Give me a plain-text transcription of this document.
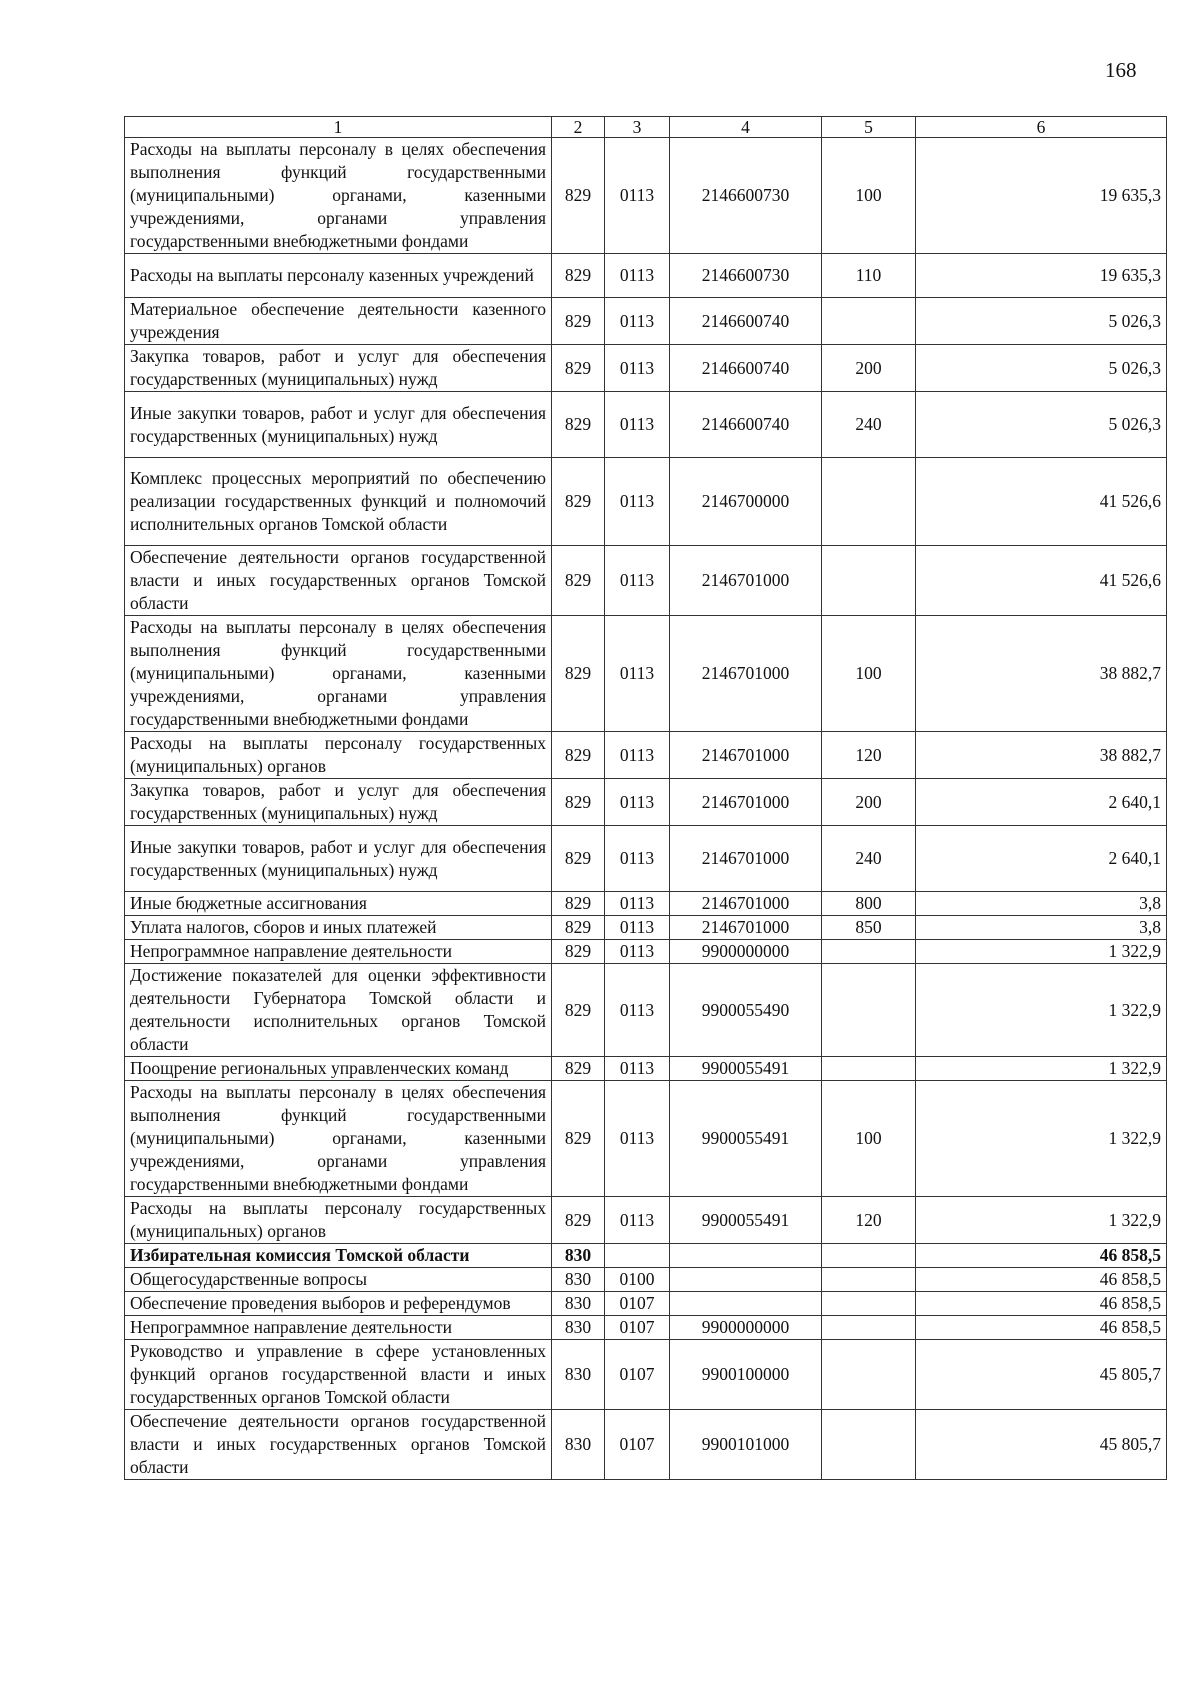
168
1	2	3	4	5	6
Расходы на выплаты персоналу в целях обеспечения выполнения функций государственными (муниципальными) органами, казенными учреждениями, органами управления государственными внебюджетными фондами	829	0113	2146600730	100	19 635,3
Расходы на выплаты персоналу казенных учреждений	829	0113	2146600730	110	19 635,3
Материальное обеспечение деятельности казенного учреждения	829	0113	2146600740		5 026,3
Закупка товаров, работ и услуг для обеспечения государственных (муниципальных) нужд	829	0113	2146600740	200	5 026,3
Иные закупки товаров, работ и услуг для обеспечения государственных (муниципальных) нужд	829	0113	2146600740	240	5 026,3
Комплекс процессных мероприятий по обеспечению реализации государственных функций и полномочий исполнительных органов Томской области	829	0113	2146700000		41 526,6
Обеспечение деятельности органов государственной власти и иных государственных органов Томской области	829	0113	2146701000		41 526,6
Расходы на выплаты персоналу в целях обеспечения выполнения функций государственными (муниципальными) органами, казенными учреждениями, органами управления государственными внебюджетными фондами	829	0113	2146701000	100	38 882,7
Расходы на выплаты персоналу государственных (муниципальных) органов	829	0113	2146701000	120	38 882,7
Закупка товаров, работ и услуг для обеспечения государственных (муниципальных) нужд	829	0113	2146701000	200	2 640,1
Иные закупки товаров, работ и услуг для обеспечения государственных (муниципальных) нужд	829	0113	2146701000	240	2 640,1
Иные бюджетные ассигнования	829	0113	2146701000	800	3,8
Уплата налогов, сборов и иных платежей	829	0113	2146701000	850	3,8
Непрограммное направление деятельности	829	0113	9900000000		1 322,9
Достижение показателей для оценки эффективности деятельности Губернатора Томской области и деятельности исполнительных органов Томской области	829	0113	9900055490		1 322,9
Поощрение региональных управленческих команд	829	0113	9900055491		1 322,9
Расходы на выплаты персоналу в целях обеспечения выполнения функций государственными (муниципальными) органами, казенными учреждениями, органами управления государственными внебюджетными фондами	829	0113	9900055491	100	1 322,9
Расходы на выплаты персоналу государственных (муниципальных) органов	829	0113	9900055491	120	1 322,9
Избирательная комиссия Томской области	830				46 858,5
Общегосударственные вопросы	830	0100			46 858,5
Обеспечение проведения выборов и референдумов	830	0107			46 858,5
Непрограммное направление деятельности	830	0107	9900000000		46 858,5
Руководство и управление в сфере установленных функций органов государственной власти и иных государственных органов Томской области	830	0107	9900100000		45 805,7
Обеспечение деятельности органов государственной власти и иных государственных органов Томской области	830	0107	9900101000		45 805,7
